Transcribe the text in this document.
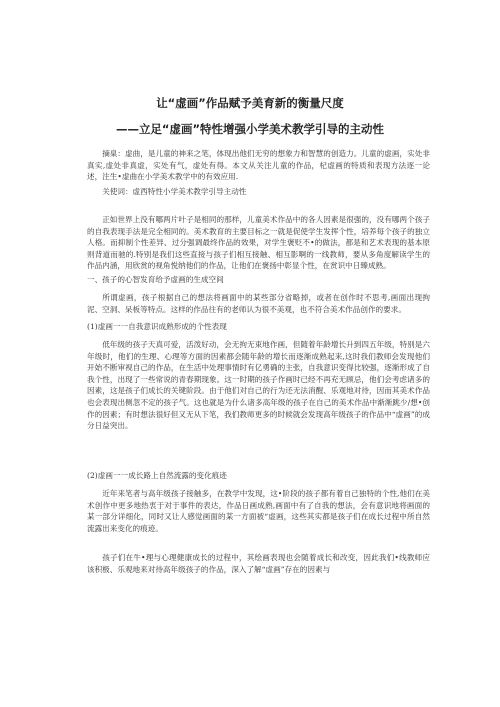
让“虚画”作品赋予美育新的衡量尺度
——立足“虚画”特性增强小学美术教学引导的主动性

摘臬：虚曲，是儿童的神来之笔，体现出他们无穷的想象力和智慧的创造力。儿童的虚画，实处非真实,虚处非真虚，实处有气，虚处有得。本文从关注儿童的作品，杞虚画的特质和表现方法逐一论述，注生•虚曲在小学美术教学中的有效应用.

关使词：虚西特性小学美术教学引导主动性

正如世界上没有哪两片叶子是相同的那样，儿童美术作品中的各人因素是很强的，没有哪两个孩子的自我表现手法是完全相同的。美术教育的主要目标之一就是促使学生发挥个性，培养每个孩子的独立人格。而抑制个性差异、过分强调最终作品的效果，对学生褒贬不•的做法，都是和艺术表现的基本原则背道而驰的.特别是我们这些直接与孩子们相互接触、相互影啊的一线教师，要从多角度解读学生的作品内涵，用欣赏的视角悦纳他们的作品，让他们在褒扬中彰显个性，在赏识中日臻成熟。

一、孩子的心智发育给予虚画的生成空间

所谓虚画，孩子根据自己的想法将画面中的某些部分省略掉，或者在创作时不思考,画面出现拘泥、空洞、呆板等特点。这样的作品往有的老师认为很不美观，也不符合美术作品创作的要求。

(1)虚画一一自我意识成熟形成的个性表现

低年级的孩子天真可爱，活泼好动，会无拘无束地作画，但随着年龄增长升到四五年级，特别是六年级时，他们的生理、心理等方面的因素都会随年龄的增长而逐渐成熟起来,这时我们教师会发现他们开始不断审视自己的作品，在生活中处理事情时有亿勇确的主张，自我意识变得比较强，逐渐形成了自我个性，出现了一些常说的青春期现象。这一时期的孩子作画时已经不再充无顾忌，他们会考虑诸多的因素，这是孩子们成长的关键阶段。由于他们对自己的行为还无法消醒、乐观地对待，因而其美术作品也会表现出侧忽不定的孩子气。这也就是为什么诸多高年级的孩子在自己的美术作品中渐渐跳少/想•创作的因素；有时想法很好但又无从下笔，我们教师更多的时候就会发现高年级孩子的作品中“虚画”的成分日益突出。

(2)虚画一一成长路上自然流露的变化痕迹

近年来笔者与高年级孩子接触多，在教学中发现，这•阶段的孩子都有着自己独特的个性,他们在美术创作中更多地热衷于对于事件的表达，作品日画成熟,画面中有了自我的想法，会有意识地将画面的某一部分详细化，同时又让人感觉画面的某一方面被“虚画，这些其实都是孩子们在成长过程中所自然流露出来变化的痕迹。

孩子们在牛•理与心理健康成长的过程中，其绘画表现也会随着成长和改变，因此我们•线教师应该积极、乐观地来对待高年级孩子的作品，深入了解“虚画”存在的因素与
